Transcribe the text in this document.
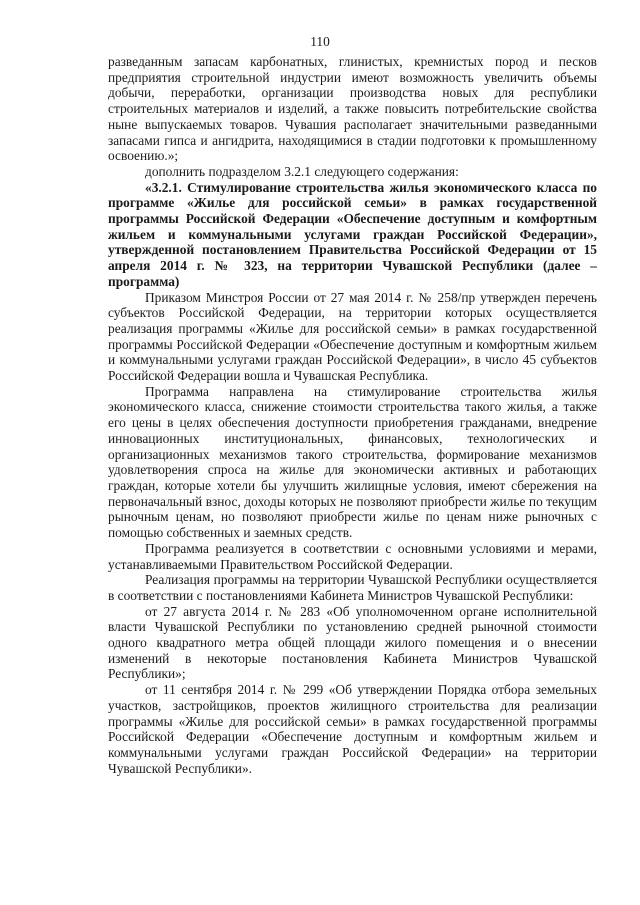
110

разведанным запасам карбонатных, глинистых, кремнистых пород и песков предприятия строительной индустрии имеют возможность увеличить объемы добычи, переработки, организации производства новых для республики строительных материалов и изделий, а также повысить потребительские свойства ныне выпускаемых товаров. Чувашия располагает значительными разведанными запасами гипса и ангидрита, находящимися в стадии подготовки к промышленному освоению.»;

дополнить подразделом 3.2.1 следующего содержания:

«3.2.1. Стимулирование строительства жилья экономического класса по программе «Жилье для российской семьи» в рамках государственной программы Российской Федерации «Обеспечение доступным и комфортным жильем и коммунальными услугами граждан Российской Федерации», утвержденной постановлением Правительства Российской Федерации от 15 апреля 2014 г. № 323, на территории Чувашской Республики (далее – программа)

Приказом Минстроя России от 27 мая 2014 г. № 258/пр утвержден перечень субъектов Российской Федерации, на территории которых осуществляется реализация программы «Жилье для российской семьи» в рамках государственной программы Российской Федерации «Обеспечение доступным и комфортным жильем и коммунальными услугами граждан Российской Федерации», в число 45 субъектов Российской Федерации вошла и Чувашская Республика.

Программа направлена на стимулирование строительства жилья экономического класса, снижение стоимости строительства такого жилья, а также его цены в целях обеспечения доступности приобретения гражданами, внедрение инновационных институциональных, финансовых, технологических и организационных механизмов такого строительства, формирование механизмов удовлетворения спроса на жилье для экономически активных и работающих граждан, которые хотели бы улучшить жилищные условия, имеют сбережения на первоначальный взнос, доходы которых не позволяют приобрести жилье по текущим рыночным ценам, но позволяют приобрести жилье по ценам ниже рыночных с помощью собственных и заемных средств.

Программа реализуется в соответствии с основными условиями и мерами, устанавливаемыми Правительством Российской Федерации.

Реализация программы на территории Чувашской Республики осуществляется в соответствии с постановлениями Кабинета Министров Чувашской Республики:

от 27 августа 2014 г. № 283 «Об уполномоченном органе исполнительной власти Чувашской Республики по установлению средней рыночной стоимости одного квадратного метра общей площади жилого помещения и о внесении изменений в некоторые постановления Кабинета Министров Чувашской Республики»;

от 11 сентября 2014 г. № 299 «Об утверждении Порядка отбора земельных участков, застройщиков, проектов жилищного строительства для реализации программы «Жилье для российской семьи» в рамках государственной программы Российской Федерации «Обеспечение доступным и комфортным жильем и коммунальными услугами граждан Российской Федерации» на территории Чувашской Республики».
